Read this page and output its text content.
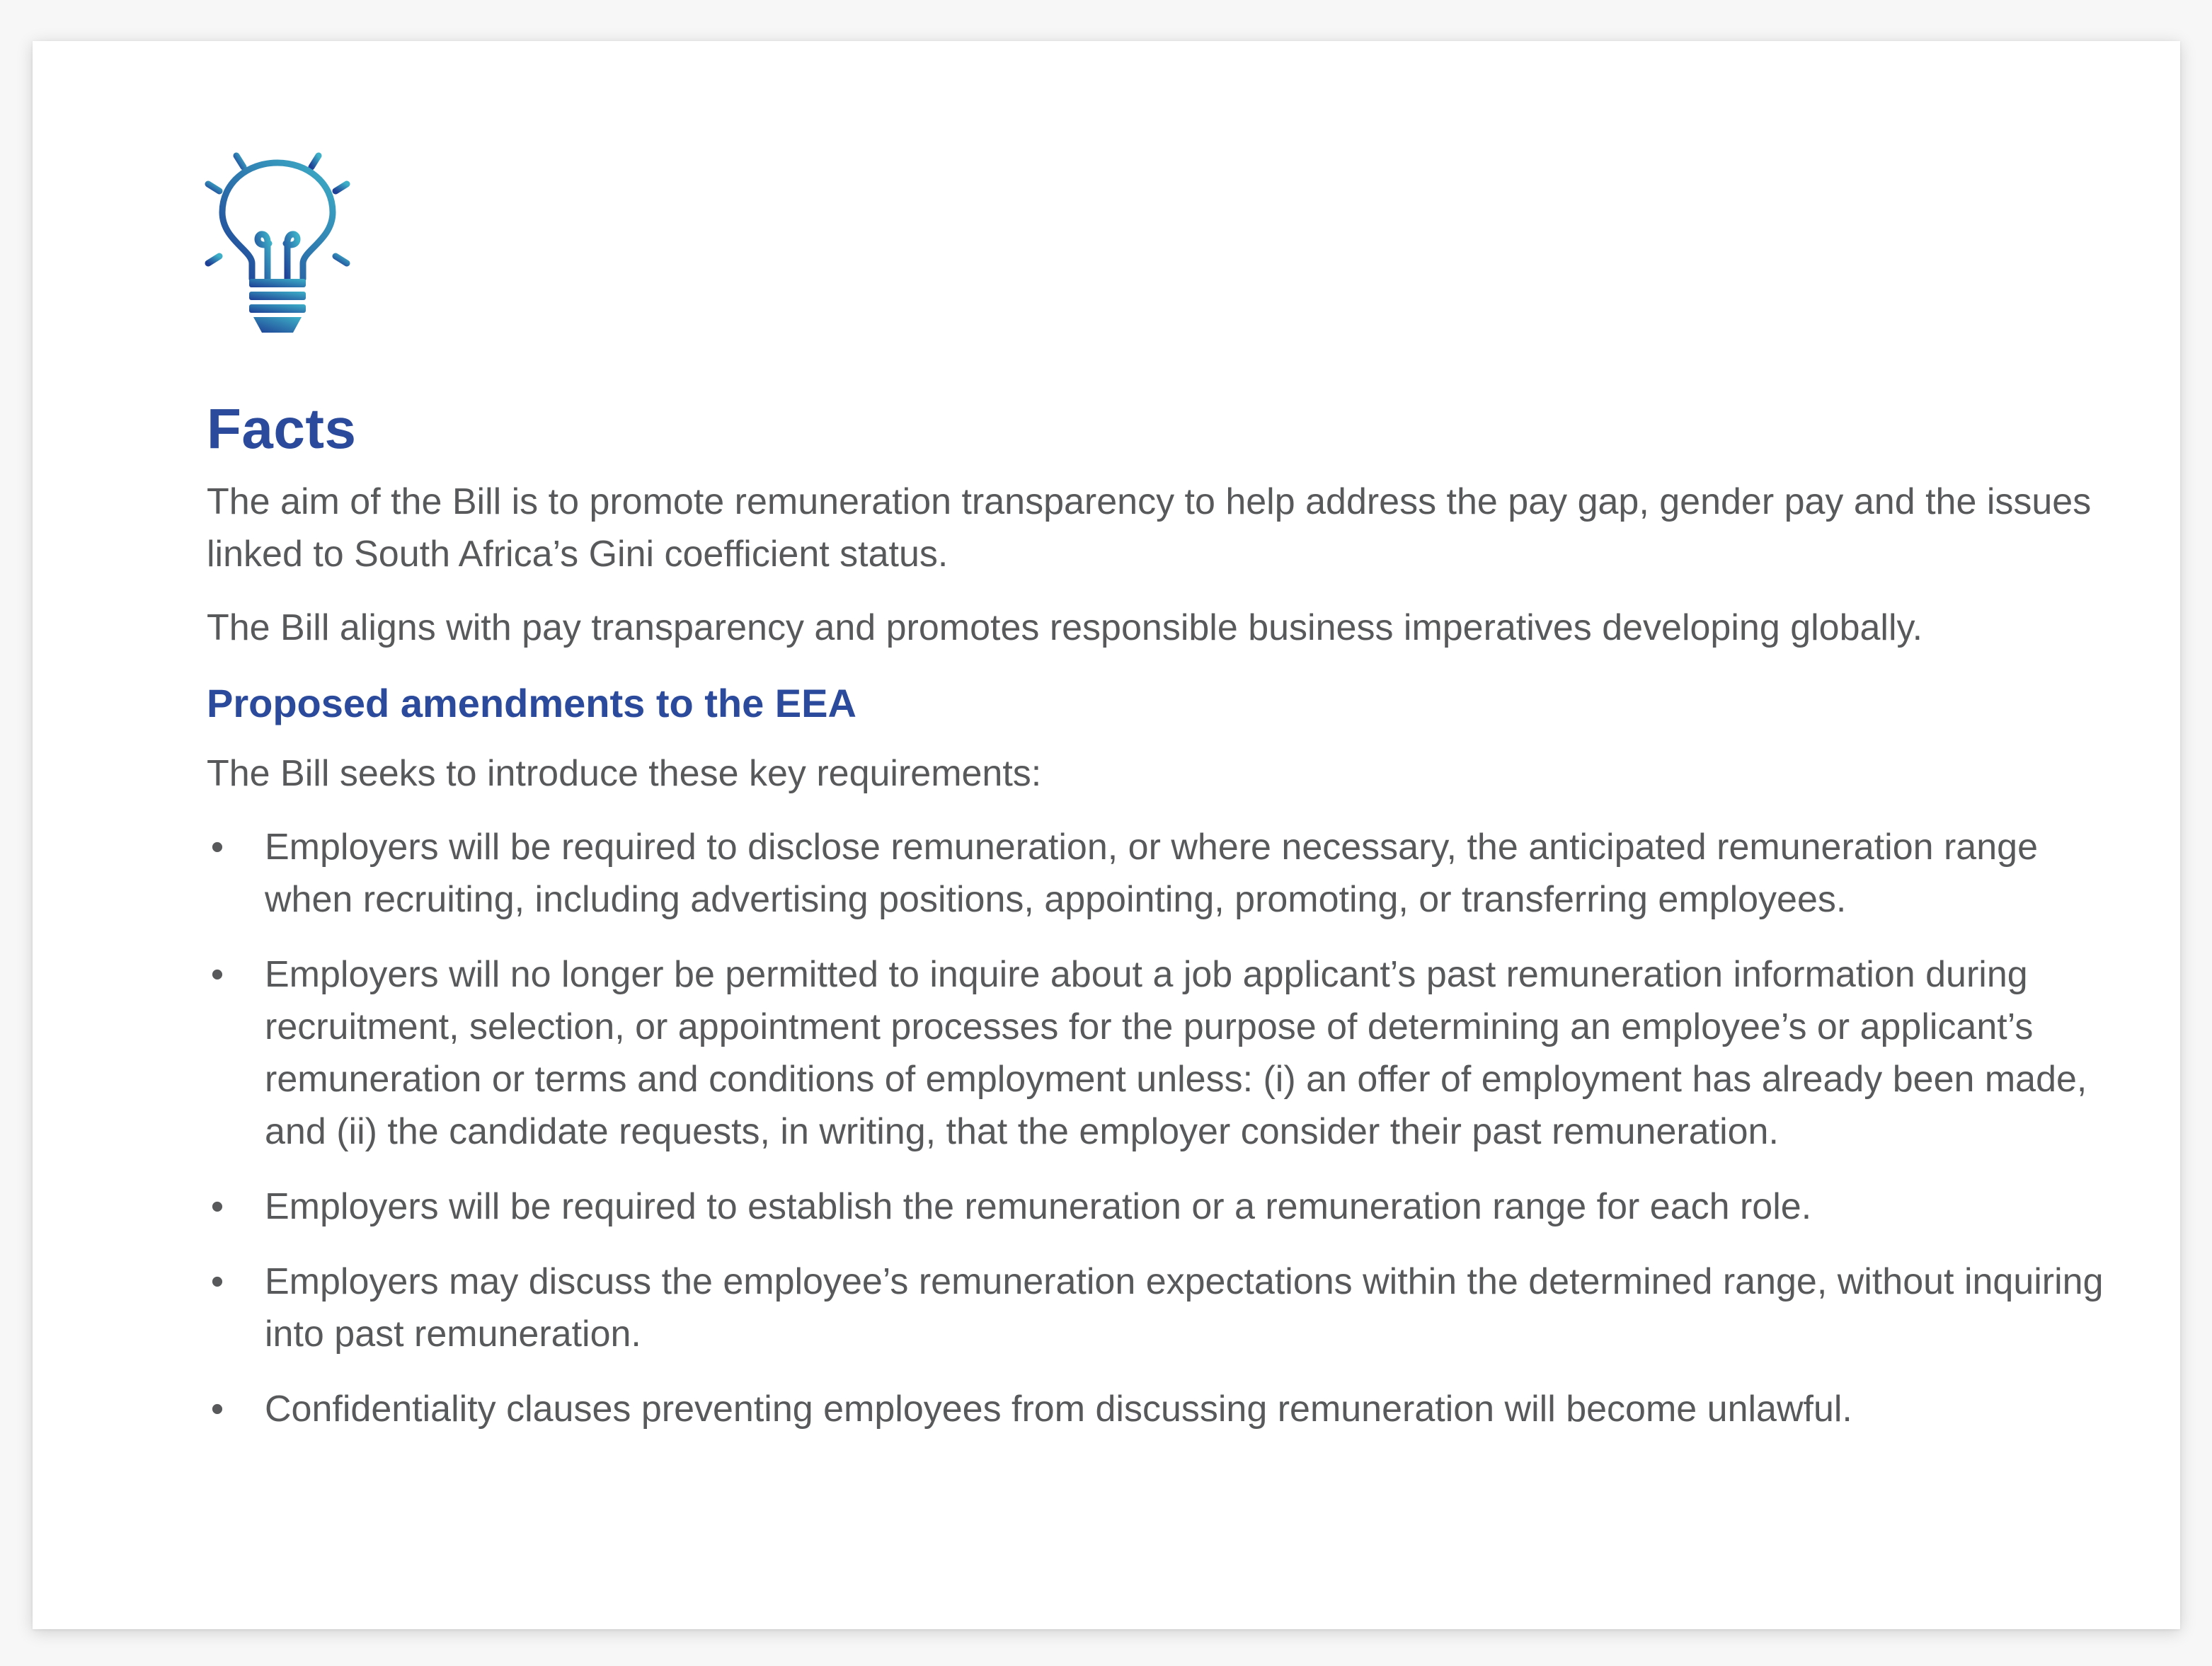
Facts

The aim of the Bill is to promote remuneration transparency to help address the pay gap, gender pay and the issues linked to South Africa’s Gini coefficient status.

The Bill aligns with pay transparency and promotes responsible business imperatives developing globally.

Proposed amendments to the EEA

The Bill seeks to introduce these key requirements:

• Employers will be required to disclose remuneration, or where necessary, the anticipated remuneration range when recruiting, including advertising positions, appointing, promoting, or transferring employees.
• Employers will no longer be permitted to inquire about a job applicant’s past remuneration information during recruitment, selection, or appointment processes for the purpose of determining an employee’s or applicant’s remuneration or terms and conditions of employment unless: (i) an offer of employment has already been made, and (ii) the candidate requests, in writing, that the employer consider their past remuneration.
• Employers will be required to establish the remuneration or a remuneration range for each role.
• Employers may discuss the employee’s remuneration expectations within the determined range, without inquiring into past remuneration.
• Confidentiality clauses preventing employees from discussing remuneration will become unlawful.
